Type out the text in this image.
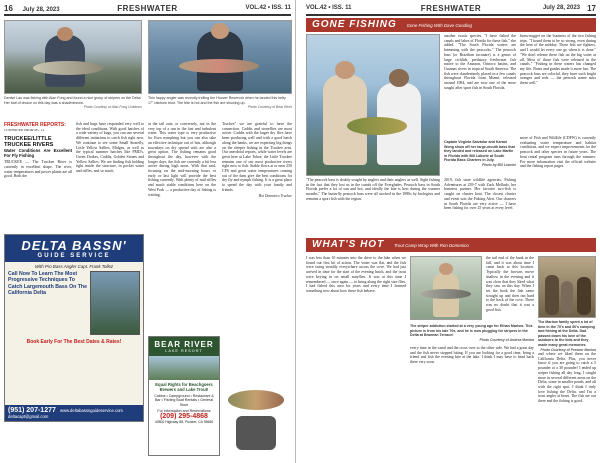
16 July 28, 2023	FRESHWATER	VOL.42 • ISS. 11
Denise Lau was fishing with Alan Fong and found a nice group of stripers on the Delta. Her bait of choice on this day was a shad/minnow.
Photo Courtesy of Alan Fong Outdoors
This happy angler was recently trolling the Hoover Reservoir when he landed this hefty 17" rainbow trout. The bite is hot and the fish are showing up.
Photo Courtesy of Bear River
FRESHWATER REPORTS:
CONTINUED FROM PG. 14
TRUCKEE/LITTLE TRUCKEE RIVERS
Water Conditions Are Excellent For Fly Fishing

TRUCKEE — The Truckee River is currently in excellent shape. The river, water temperatures and power plants are all good. Both the

fish and bugs have responded very well to the ideal conditions. With good hatches of a wide variety of bugs, you can use several different imitations to catch fish right now. We continue to see some Small Stonefly, Little Yellow Sallies, Midges, as well as the typical summer hatches like PMD's, Green Drakes, Caddis, Golden Stones and Yellow Sallies. We are finding fish holding tight inside the structure, in pocket water and riffles, and so much

at the tail outs, or conversely, not in the very top of a run in the fast and turbulent water. This water type is very productive for Euro nymphing but you can also take an effective technique out of bits, although nowadays on dry spread with are also a great option. The fishing remains good throughout the day, however with the longer days, the fish are currently a bit less active during high noon. With that said, focusing on the mid-morning hours or early or last light will provide the best fishing currently. With plenty of mid riffles and much stable conditions here on the West Fork — a productive day of fishing is waiting.

Truckee" we are grateful to have the connection. Caddis and stoneflies are most active. Caddis with the larger dry flies have been producing well and with a good hatch along the banks, we are expecting big things on the sleeper fishing in the Truckee area. Our anecdotal reports, while water levels are great here at Lake Tahoe, the Little Truckee remains one of our most productive rivers right now to fish. Stable flows at or near 250 CFS and great water temperatures coming out of the dam give the best conditions for dry fly and nymph fishing. It is a great place to spend the day with your family and friends.

Hot Domenico Truckee

DELTA BASSN'
GUIDE SERVICE
With Pro Bass Angler Capt. Frank Tellez
Call Now To Learn The Most Progressive Techniques To Catch Largemouth Bass On The California Delta
Book Early For The Best Dates & Rates!
(951) 207-1277 www.deltabassnguideservice.com
deltacapt@gmail.com
BEAR RIVER
LAKE RESORT
Equal Rights for Beachgoers
Brewers and Lake Trout!
Cabins • Campground • Restaurant & Bar • Fishing Boat Rentals • General Store
For information and Reservations
(209) 295-4868
40800 Highway 88, Pioneer, CA 95666
VOL.42 • ISS. 11	FRESHWATER	July 28, 2023 17
GONE FISHING Gone Fishing With Dave Gooding

another exotic species. "I have fished the canals and lakes of Florida for these fish," she added. "The South Florida waters are brimming with the peacocks." The peacock bass (or Brazilian tucunare) is a genus of large cichlids, predatory freshwater fish native to the Amazon, Orinoco basins, and Guianas rivers in tropical South America. The fish were clandestinely placed in a few canals throughout Florida from Miami, released around 1984, and are now one of the more sought after sport fish in South Florida.

Captain Virginia Salvador and Karani Wong show off her large-mouth bass that they landed and released on Lake Martin in Florida with Bill Laborie at South Florida Bass Charters in July.
Photo by Bill Laborie

2019, fish state wildlife agencies, Fishing Adventures at 239-7 with Zack Mellado, her business partner. Her favorite two-fish is caught on charter boat. The closest charter and event was the Fishing Alert. Our charters in South Florida are very active — I have been fishing for over 25 years at every level.

"The peacock bass is doubly sought by anglers and their anglers as well. Sight fishing in the fact that they lost us in the canals off the Everglades. Peacock bass in South Florida prefer a lot of sun and hot, and ideally the bite is best during the warmer months." The butterfly peacock bass were all stocked in the 1980s by biologists and remains a sport fish with the region.

brass-nugget on the business of the two fishing trips. "I found them to be so strong, even during the heat of the midday. These fish are fighters, and I would let every one go when it is done." "We don't release these fish on the big water at all. Most of those fish were released in the canals." "Fishing in these waters has changed my life. Boats and guides made it more fun. The peacock bass are colorful, they have such bright oranges and reds — the peacock name suits them well."

more of Fish and Wildlife (CDFW) is currently evaluating water temperature and habitat conditions, and we expect improvements for the peacock and other species in future years. The boat rental program runs through the summer. For more information visit the official website and the fishing report pages.

WHAT'S HOT Trout Camp Wrap With Ron Domenico

I was less than 10 minutes into the drive to the lake when we found our first bit of action. The water was flat, and the fish were rising steadily everywhere across the cove. We had just arrived in time for the start of the evening hatch, and the trout were keying in on small mayflies. It was at this time I remembered — once again — to bring along the right size flies. I had fished this area for years and every time I learned something new about how these fish behave.

the tail end of the bank in the fall, and it was about time I came back to this location. Typically the browns move shallow in the evening and it was clear that they liked what they saw on this day. When I set the hook the fish came straight up and then ran hard to the back of the cove. There was no doubt that it was a good fish.

The striper addiction started at a very young age for Ethan Marlow. This picture is from his late 70s, and he is now plugging for stripers in the Delta at Brannan Terrace!
Photo Courtesy of Andrea Marlow

every time in the canal and the cross over to the other side. We had a great day and the fish never stopped biting. If you are looking for a good time, bring a friend and fish the evening bite at the lake. I think I may have to head back there very soon.

The Marlow family spent a lot of time in the 70's and 80's camping and fishing at the Delta. Dad passed down his love of the outdoors to the kids and they made many great memories.
Photo Courtesy of Preston Marlow

and where we liked them on the California Delta. Plus, you never know if you are going to catch a 5 pounder or a 30 pounder! I ended up striper fishing all day long. I caught more in several different areas on the Delta, some in smaller ponds, and all with the right spot. I think I truly love fishing the Delta, and I'm a trout angler at heart. The fish are out there and the fishing is good.
